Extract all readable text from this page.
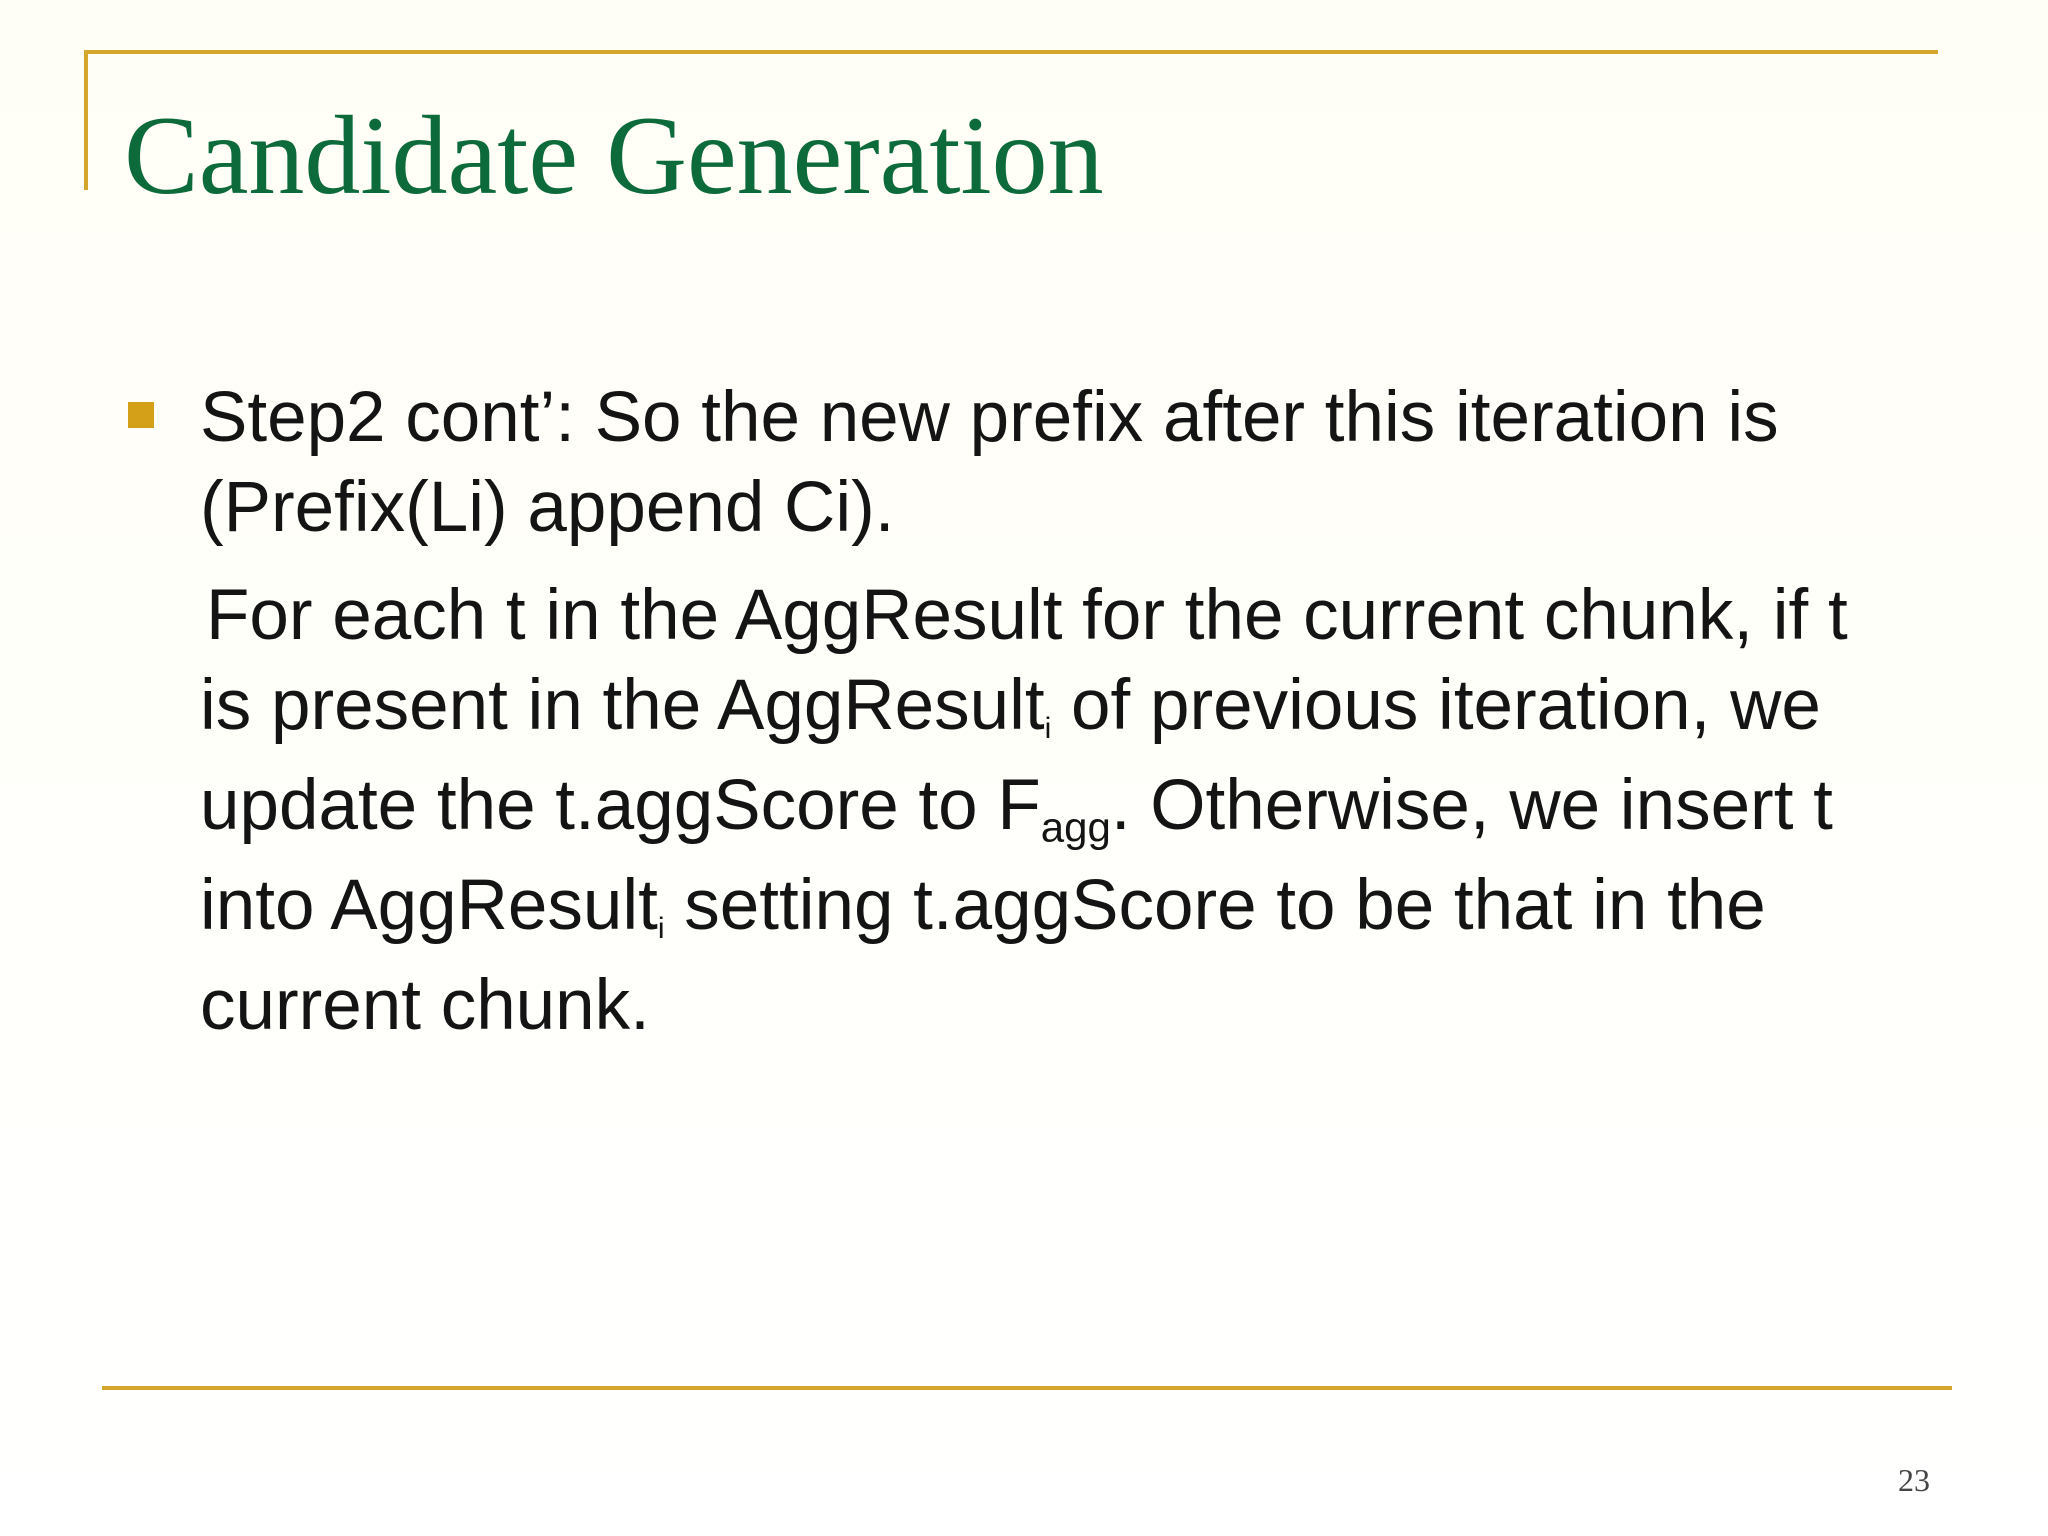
Candidate Generation

Step2 cont’: So the new prefix after this iteration is

(Prefix(Li) append Ci).

For each t in the AggResult for the current chunk, if t

is present in the AggResult$_i$ of previous iteration, we

update the t.aggScore to $F_{agg}$. Otherwise, we insert t

into AggResult$_i$ setting t.aggScore to be that in the

current chunk.

23
